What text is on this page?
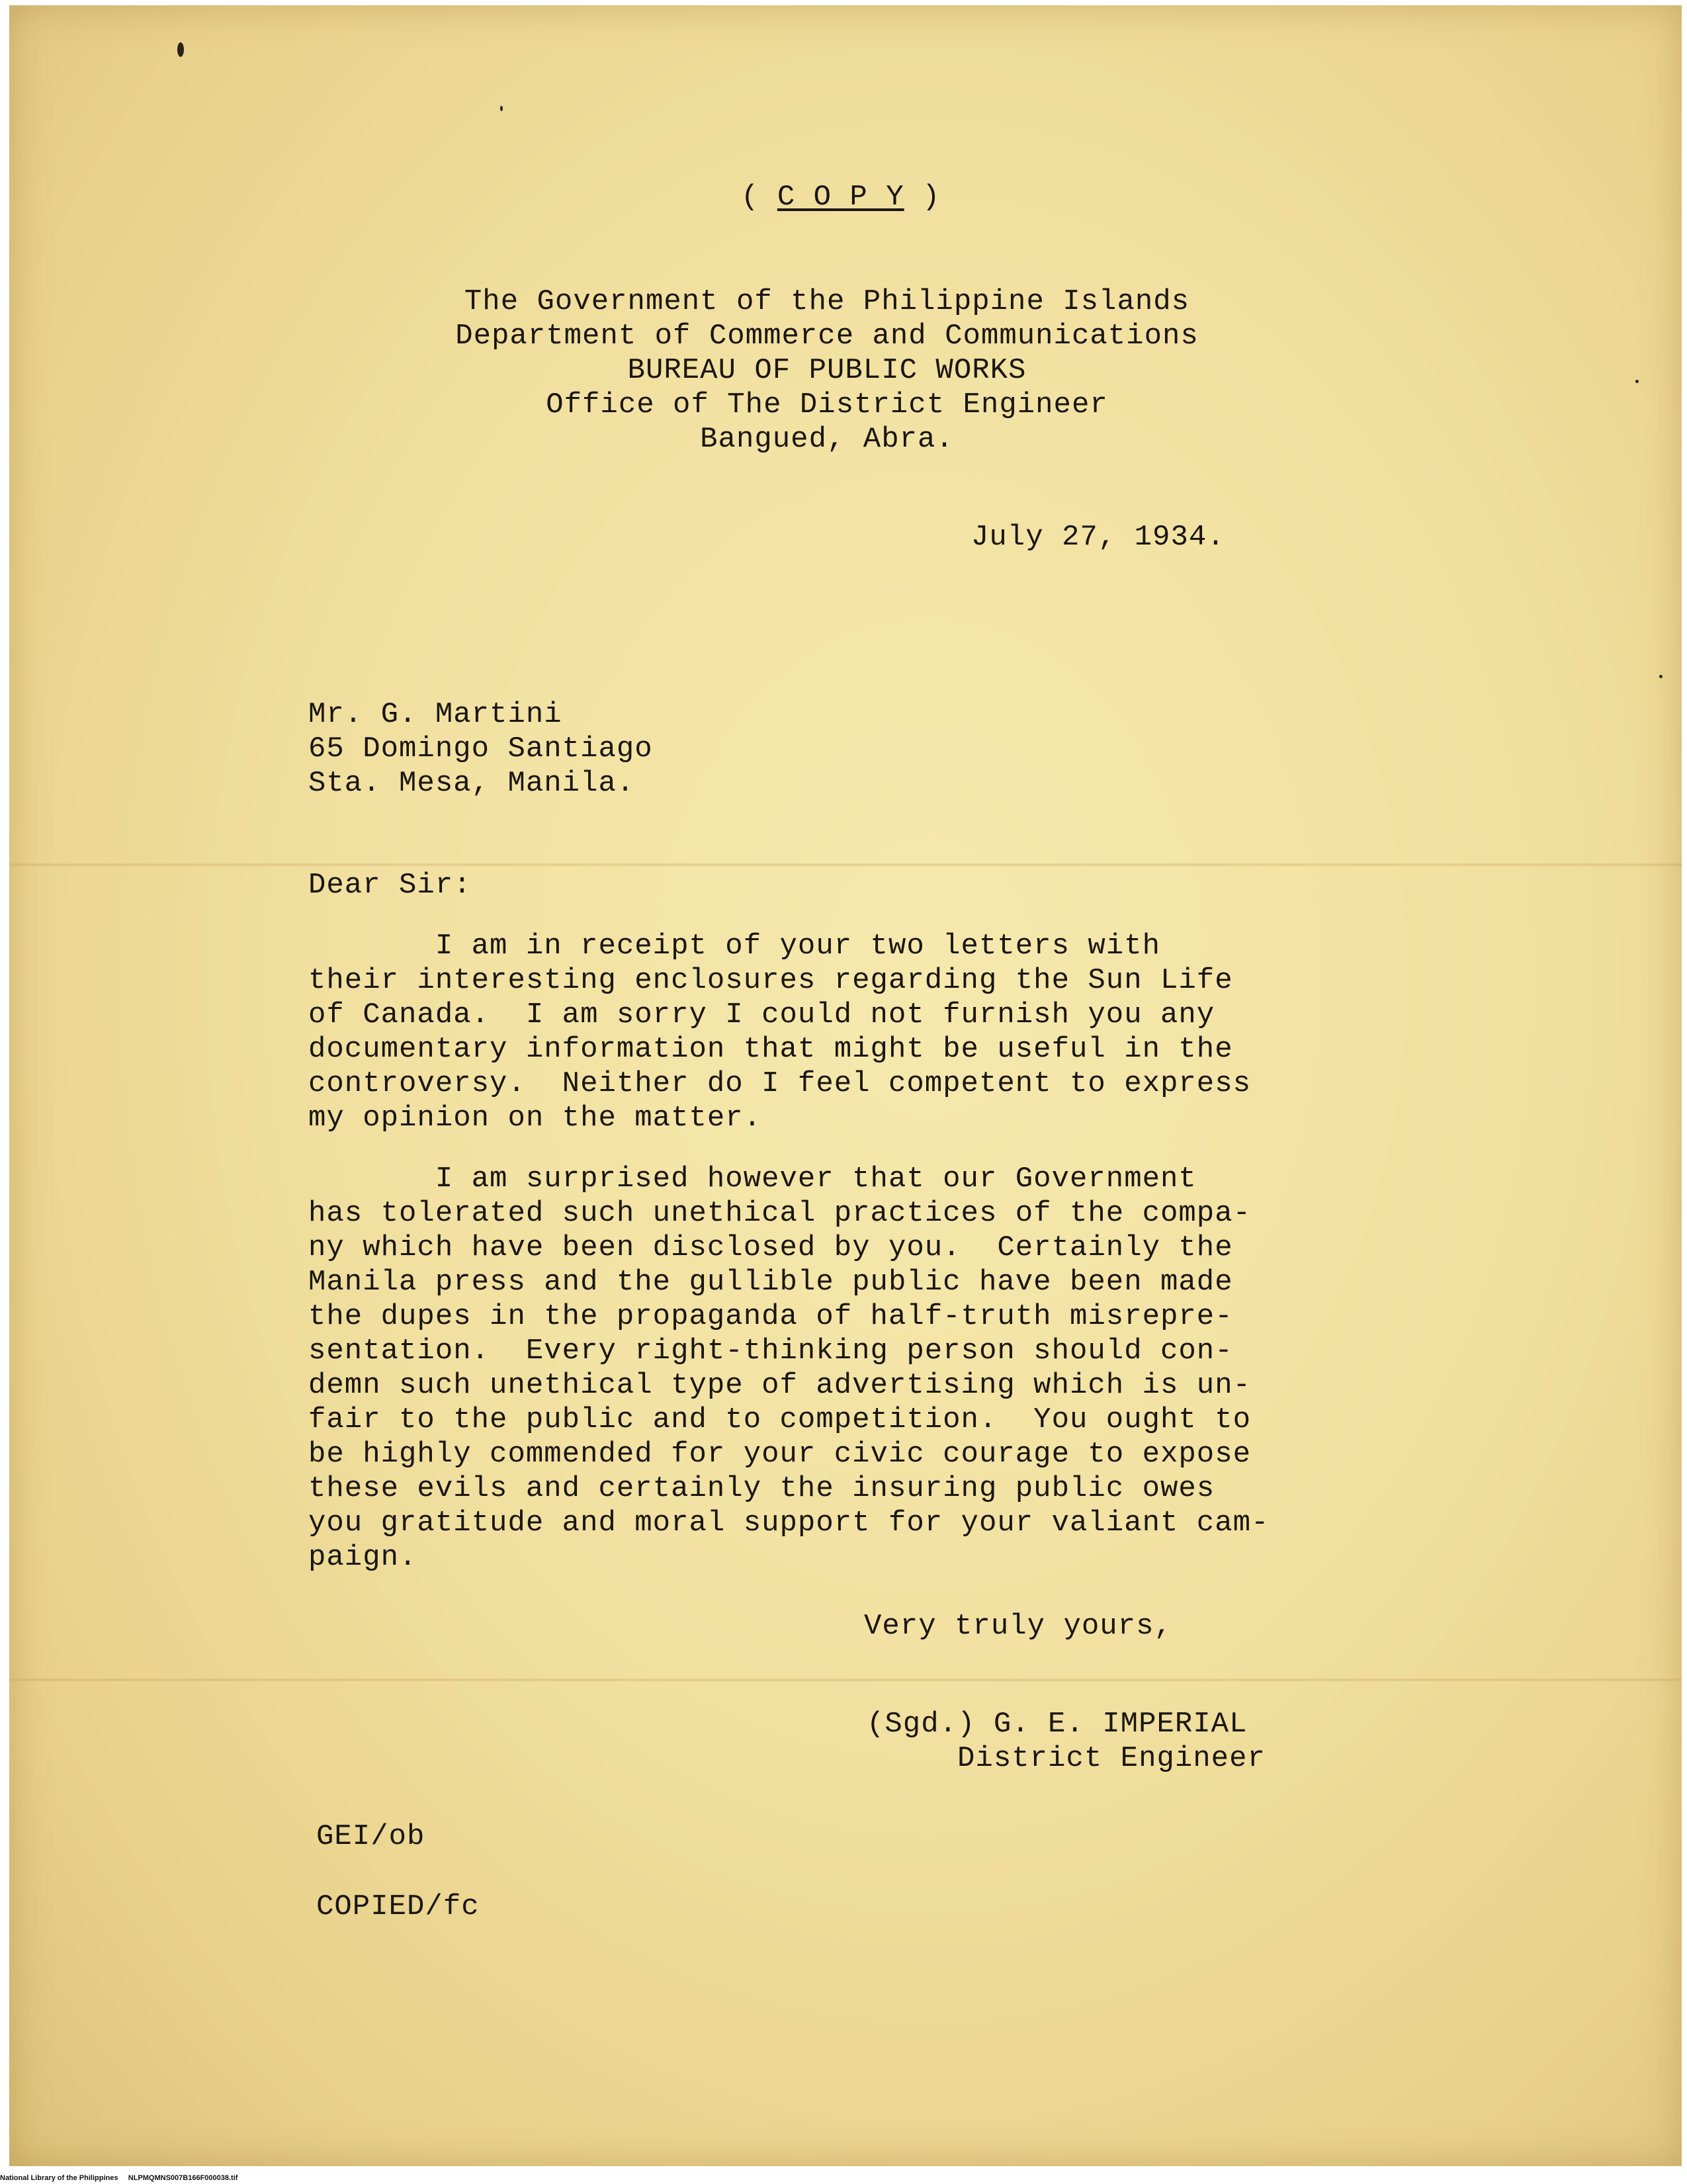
( C O P Y )

The Government of the Philippine Islands
Department of Commerce and Communications
BUREAU OF PUBLIC WORKS
Office of The District Engineer
Bangued, Abra.

July 27, 1934.

Mr. G. Martini
65 Domingo Santiago
Sta. Mesa, Manila.

Dear Sir:

I am in receipt of your two letters with
their interesting enclosures regarding the Sun Life
of Canada.  I am sorry I could not furnish you any
documentary information that might be useful in the
controversy.  Neither do I feel competent to express
my opinion on the matter.
I am surprised however that our Government
has tolerated such unethical practices of the compa-
ny which have been disclosed by you.  Certainly the
Manila press and the gullible public have been made
the dupes in the propaganda of half-truth misrepre-
sentation.  Every right-thinking person should con-
demn such unethical type of advertising which is un-
fair to the public and to competition.  You ought to
be highly commended for your civic courage to expose
these evils and certainly the insuring public owes
you gratitude and moral support for your valiant cam-
paign.

Very truly yours,

(Sgd.) G. E. IMPERIAL
District Engineer

GEI/ob

COPIED/fc

National Library of the Philippines NLPMQMNS007B166F000038.tif
